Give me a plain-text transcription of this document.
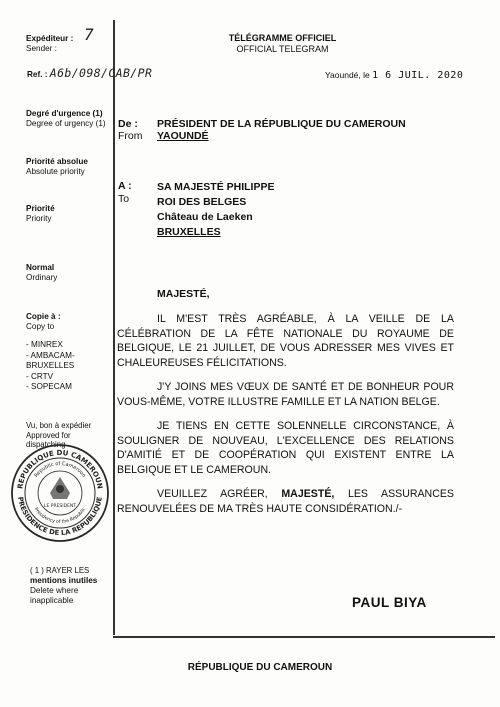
Expéditeur : 7
Sender :
Ref. : A6b/098/CAB/PR
Degré d'urgence (1)
Degree of urgency (1)
Priorité absolue
Absolute priority
Priorité
Priority
Normal
Ordinary
Copie à :
Copy to
- MINREX
- AMBACAM-
BRUXELLES
- CRTV
- SOPECAM
Vu, bon à expédier
Approved for
dispatching
REPUBLIQUE DU CAMEROUN
PRESIDENCE DE LA REPUBLIQUE
Republic of Cameroon
Presidency of the Republic
LE PRESIDENT
( 1 ) RAYER LES
mentions inutiles
Delete where
inapplicable
TÉLÉGRAMME OFFICIEL
OFFICIAL TELEGRAM
Yaoundé, le 1 6 JUIL. 2020
De :
From
PRÉSIDENT DE LA RÉPUBLIQUE DU CAMEROUN
YAOUNDÉ
A :
To
SA MAJESTÉ PHILIPPE
ROI DES BELGES
Château de Laeken
BRUXELLES
MAJESTÉ,

IL M'EST TRÈS AGRÉABLE, À LA VEILLE DE LA CÉLÉBRATION DE LA FÊTE NATIONALE DU ROYAUME DE BELGIQUE, LE 21 JUILLET, DE VOUS ADRESSER MES VIVES ET CHALEUREUSES FÉLICITATIONS.

J'Y JOINS MES VŒUX DE SANTÉ ET DE BONHEUR POUR VOUS-MÊME, VOTRE ILLUSTRE FAMILLE ET LA NATION BELGE.

JE TIENS EN CETTE SOLENNELLE CIRCONSTANCE, À SOULIGNER DE NOUVEAU, L'EXCELLENCE DES RELATIONS D'AMITIÉ ET DE COOPÉRATION QUI EXISTENT ENTRE LA BELGIQUE ET LE CAMEROUN.

VEUILLEZ AGRÉER, MAJESTÉ, LES ASSURANCES RENOUVELÉES DE MA TRÈS HAUTE CONSIDÉRATION./-

PAUL BIYA
RÉPUBLIQUE DU CAMEROUN
